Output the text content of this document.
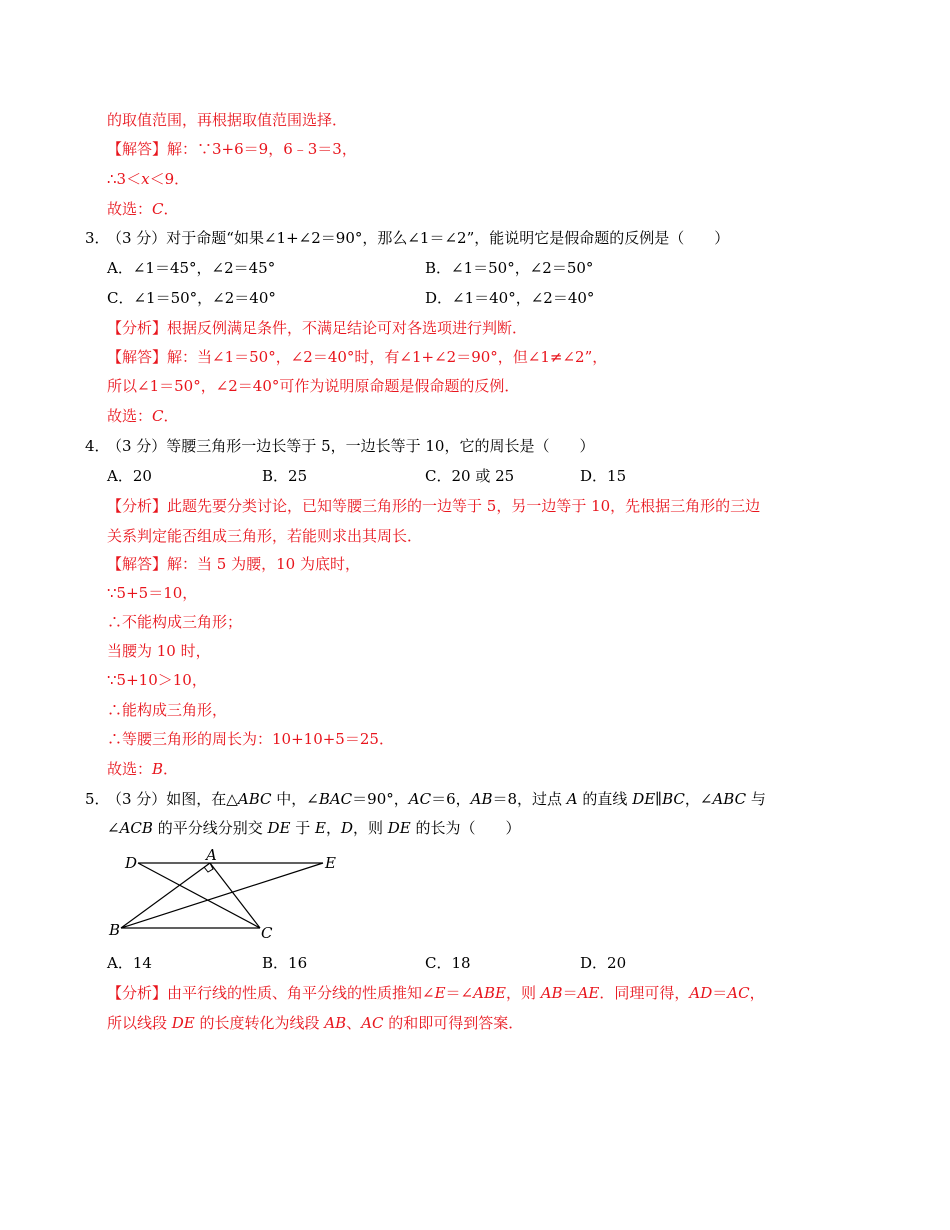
的取值范围，再根据取值范围选择．
【解答】解：∵3+6＝9，6﹣3＝3，
∴3＜x＜9．
故选：C．
3．
（3 分）对于命题“如果∠1+∠2＝90°，那么∠1＝∠2”，能说明它是假命题的反例是（　　）
A．∠1＝45°，∠2＝45°	B．∠1＝50°，∠2＝50°
C．∠1＝50°，∠2＝40°	D．∠1＝40°，∠2＝40°
【分析】根据反例满足条件，不满足结论可对各选项进行判断．
【解答】解：当∠1＝50°，∠2＝40°时，有∠1+∠2＝90°，但∠1≠∠2”，
所以∠1＝50°，∠2＝40°可作为说明原命题是假命题的反例．
故选：C．
4．
（3 分）等腰三角形一边长等于 5，一边长等于 10，它的周长是（　　）
A．20	B．25	C．20 或 25	D．15
【分析】此题先要分类讨论，已知等腰三角形的一边等于 5，另一边等于 10，先根据三角形的三边
关系判定能否组成三角形，若能则求出其周长．
【解答】解：当 5 为腰，10 为底时，
∵5+5＝10，
∴不能构成三角形；
当腰为 10 时，
∵5+10＞10，
∴能构成三角形，
∴等腰三角形的周长为：10+10+5＝25．
故选：B．
5．
（3 分）如图，在△ABC 中，∠BAC＝90°，AC＝6，AB＝8，过点 A 的直线 DE∥BC，∠ABC 与
∠ACB 的平分线分别交 DE 于 E，D，则 DE 的长为（　　）
D	A	E
B	C
A．14	B．16	C．18	D．20
【分析】由平行线的性质、角平分线的性质推知∠E＝∠ABE，则 AB＝AE．同理可得，AD＝AC，
所以线段 DE 的长度转化为线段 AB、AC 的和即可得到答案．
